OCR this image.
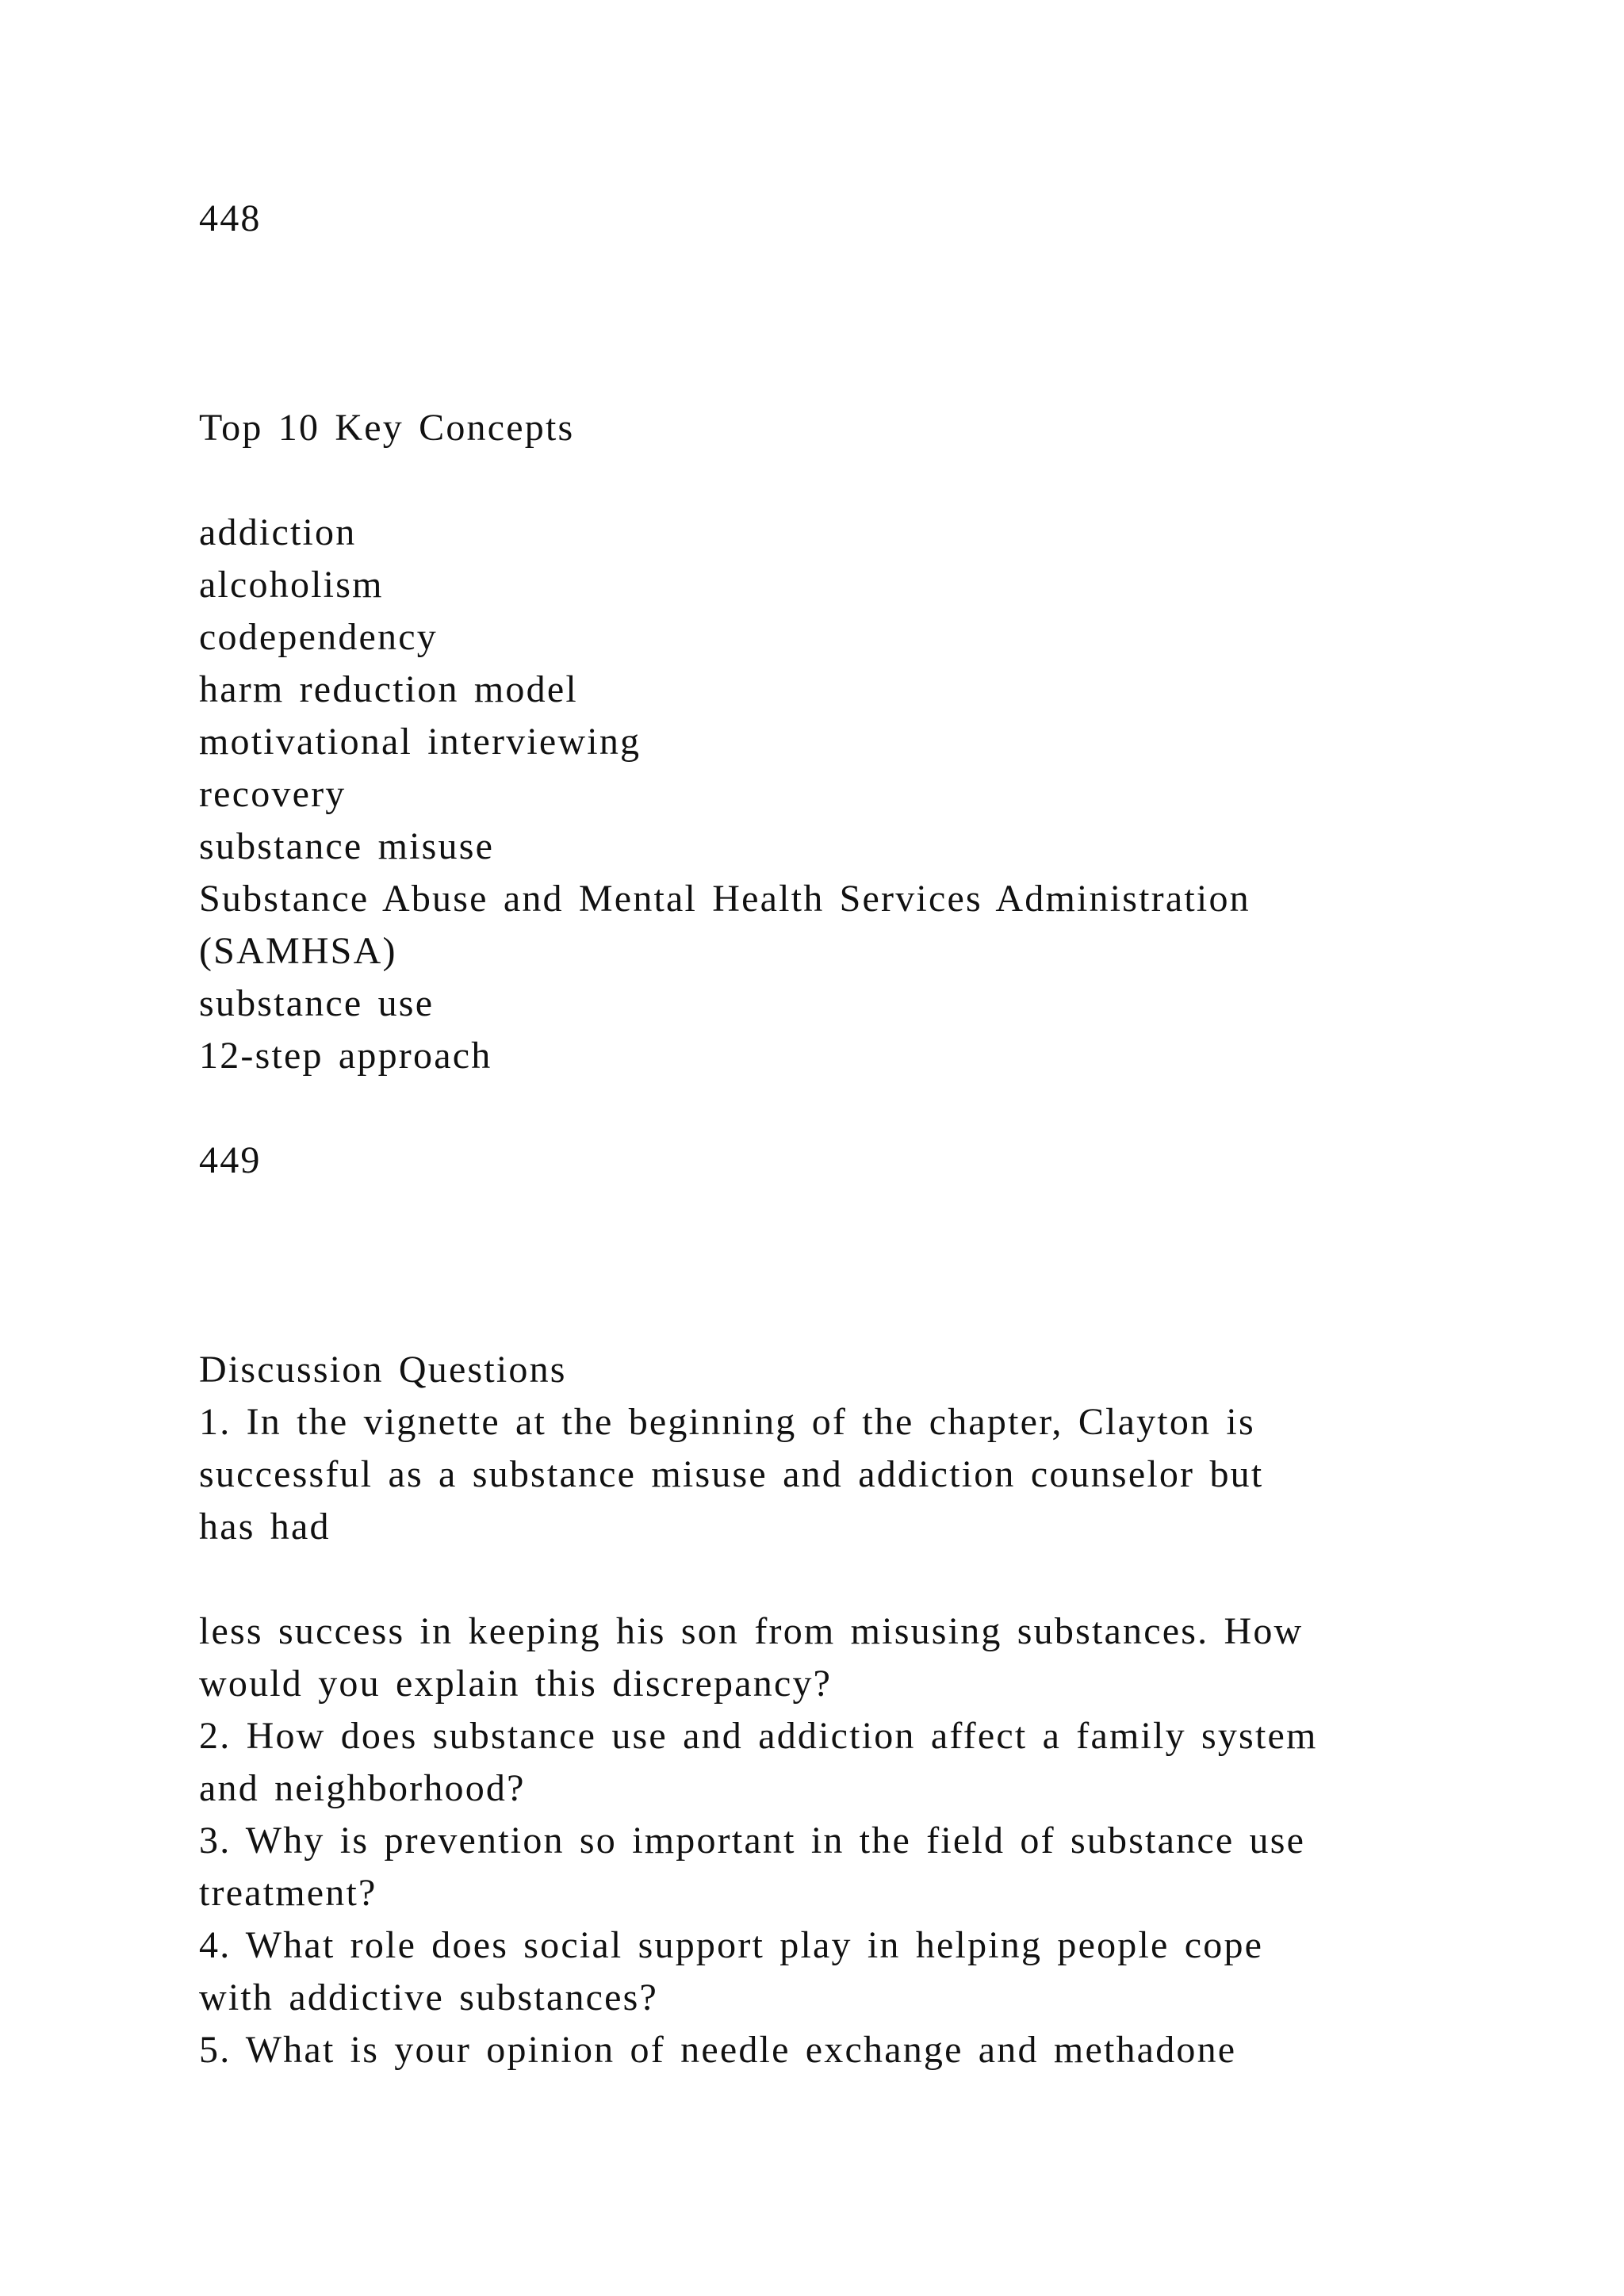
448

Top 10 Key Concepts

addiction

alcoholism

codependency

harm reduction model

motivational interviewing

recovery

substance misuse

Substance Abuse and Mental Health Services Administration

(SAMHSA)

substance use

12-step approach

449

Discussion Questions

1. In the vignette at the beginning of the chapter, Clayton is

successful as a substance misuse and addiction counselor but

has had

less success in keeping his son from misusing substances. How

would you explain this discrepancy?

2. How does substance use and addiction affect a family system

and neighborhood?

3. Why is prevention so important in the field of substance use

treatment?

4. What role does social support play in helping people cope

with addictive substances?

5. What is your opinion of needle exchange and methadone
